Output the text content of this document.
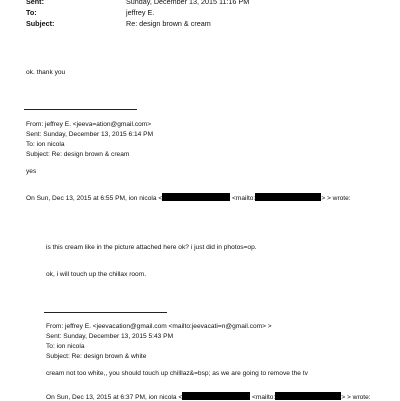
Sent:	Sunday, December 13, 2015 11:16 PM
To:	jeffrey E.
Subject:	Re: design brown & cream
ok. thank you
From: jeffrey E. <jeeva=ation@gmail.com>
Sent: Sunday, December 13, 2015 6:14 PM
To: ion nicola
Subject: Re: design brown & cream
yes
On Sun, Dec 13, 2015 at 6:55 PM, ion nicola <	<mailto:	> > wrote:
is this cream like in the picture attached here ok? i just did in photos=op.
ok, i will touch up the chillax room.
From: jeffrey E. <jeevacation@gmail.com <mailto:jeevacati=n@gmail.com> >
Sent: Sunday, December 13, 2015 5:43 PM
To: ion nicola
Subject: Re: design brown & white
cream not too white,, you should touch up chilllaz&=bsp; as we are going to remove the tv
On Sun, Dec 13, 2015 at 6:37 PM, ion nicola <	<mailto:	> > wrote:
